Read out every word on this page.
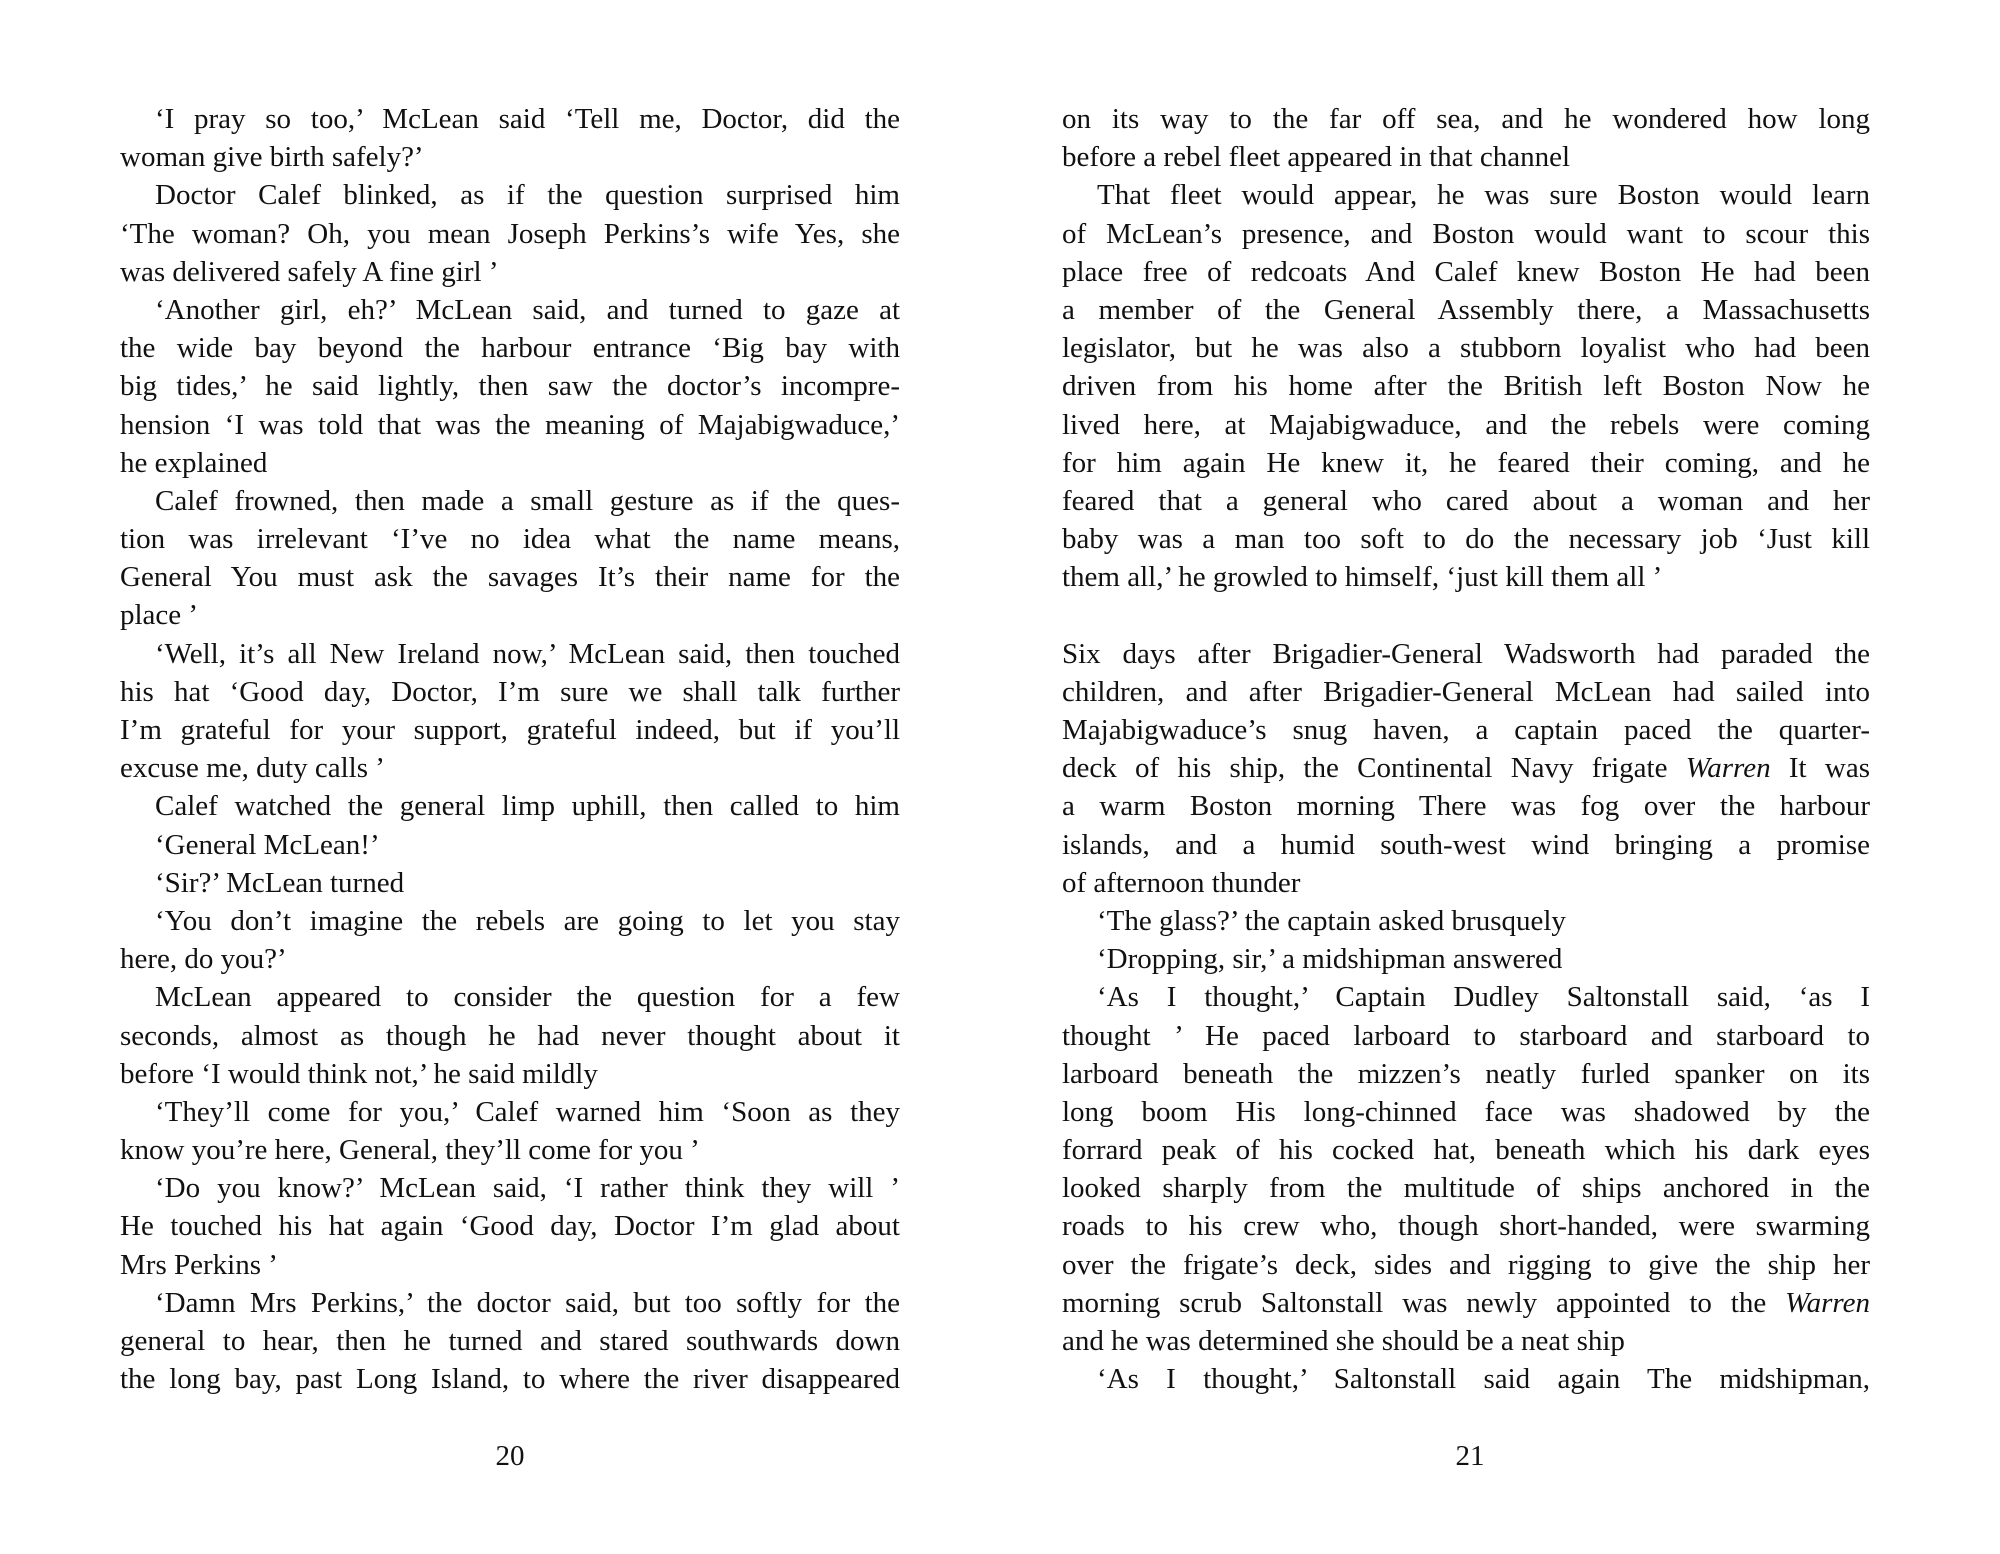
‘I pray so too,’ McLean said ‘Tell me, Doctor, did the
woman give birth safely?’
Doctor Calef blinked, as if the question surprised him
‘The woman? Oh, you mean Joseph Perkins’s wife Yes, she
was delivered safely A fine girl ’
‘Another girl, eh?’ McLean said, and turned to gaze at
the wide bay beyond the harbour entrance ‘Big bay with
big tides,’ he said lightly, then saw the doctor’s incompre-
hension ‘I was told that was the meaning of Majabigwaduce,’
he explained
Calef frowned, then made a small gesture as if the ques-
tion was irrelevant ‘I’ve no idea what the name means,
General You must ask the savages It’s their name for the
place ’
‘Well, it’s all New Ireland now,’ McLean said, then touched
his hat ‘Good day, Doctor, I’m sure we shall talk further
I’m grateful for your support, grateful indeed, but if you’ll
excuse me, duty calls ’
Calef watched the general limp uphill, then called to him
‘General McLean!’
‘Sir?’ McLean turned
‘You don’t imagine the rebels are going to let you stay
here, do you?’
McLean appeared to consider the question for a few
seconds, almost as though he had never thought about it
before ‘I would think not,’ he said mildly
‘They’ll come for you,’ Calef warned him ‘Soon as they
know you’re here, General, they’ll come for you ’
‘Do you know?’ McLean said, ‘I rather think they will ’
He touched his hat again ‘Good day, Doctor I’m glad about
Mrs Perkins ’
‘Damn Mrs Perkins,’ the doctor said, but too softly for the
general to hear, then he turned and stared southwards down
the long bay, past Long Island, to where the river disappeared
20
on its way to the far off sea, and he wondered how long
before a rebel fleet appeared in that channel
That fleet would appear, he was sure Boston would learn
of McLean’s presence, and Boston would want to scour this
place free of redcoats And Calef knew Boston He had been
a member of the General Assembly there, a Massachusetts
legislator, but he was also a stubborn loyalist who had been
driven from his home after the British left Boston Now he
lived here, at Majabigwaduce, and the rebels were coming
for him again He knew it, he feared their coming, and he
feared that a general who cared about a woman and her
baby was a man too soft to do the necessary job ‘Just kill
them all,’ he growled to himself, ‘just kill them all ’
Six days after Brigadier-General Wadsworth had paraded the
children, and after Brigadier-General McLean had sailed into
Majabigwaduce’s snug haven, a captain paced the quarter-
deck of his ship, the Continental Navy frigate Warren It was
a warm Boston morning There was fog over the harbour
islands, and a humid south-west wind bringing a promise
of afternoon thunder
‘The glass?’ the captain asked brusquely
‘Dropping, sir,’ a midshipman answered
‘As I thought,’ Captain Dudley Saltonstall said, ‘as I
thought ’ He paced larboard to starboard and starboard to
larboard beneath the mizzen’s neatly furled spanker on its
long boom His long-chinned face was shadowed by the
forrard peak of his cocked hat, beneath which his dark eyes
looked sharply from the multitude of ships anchored in the
roads to his crew who, though short-handed, were swarming
over the frigate’s deck, sides and rigging to give the ship her
morning scrub Saltonstall was newly appointed to the Warren
and he was determined she should be a neat ship
‘As I thought,’ Saltonstall said again The midshipman,
21
